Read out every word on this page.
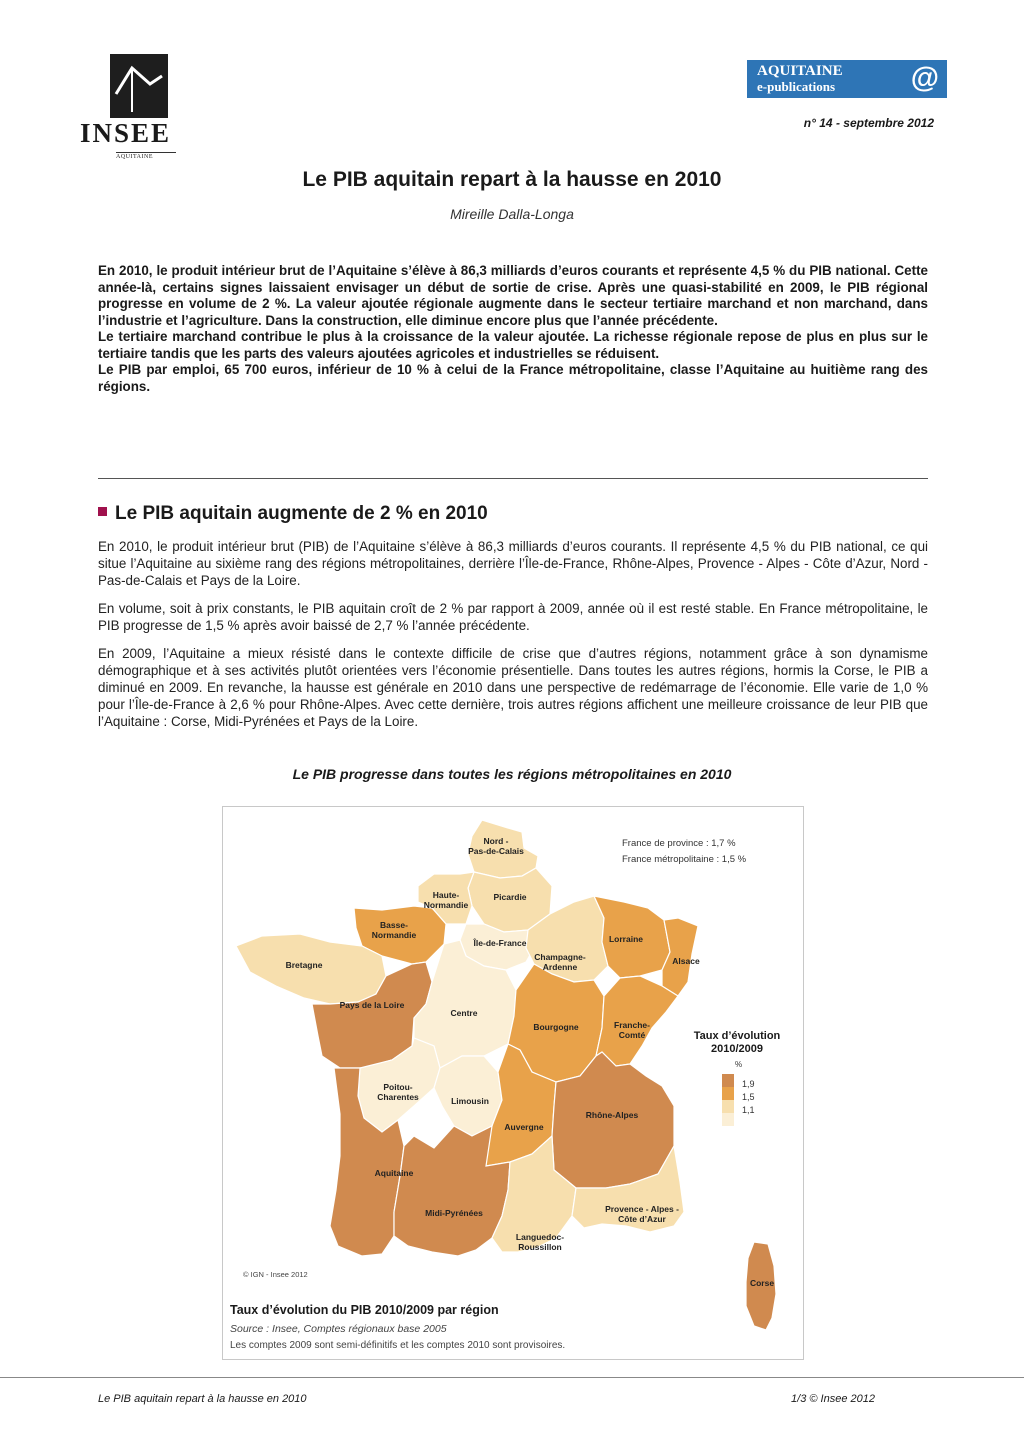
INSEE
AQUITAINE
AQUITAINE
e-publications	@
n° 14 - septembre 2012
Le PIB aquitain repart à la hausse en 2010
Mireille Dalla-Longa

En 2010, le produit intérieur brut de l’Aquitaine s’élève à 86,3 milliards d’euros courants et représente 4,5 % du PIB national. Cette année-là, certains signes laissaient envisager un début de sortie de crise. Après une quasi-stabilité en 2009, le PIB régional progresse en volume de 2 %. La valeur ajoutée régionale augmente dans le secteur tertiaire marchand et non marchand, dans l’industrie et l’agriculture. Dans la construction, elle diminue encore plus que l’année précédente.

Le tertiaire marchand contribue le plus à la croissance de la valeur ajoutée. La richesse régionale repose de plus en plus sur le tertiaire tandis que les parts des valeurs ajoutées agricoles et industrielles se réduisent.

Le PIB par emploi, 65 700 euros, inférieur de 10 % à celui de la France métropolitaine, classe l’Aquitaine au huitième rang des régions.

Le PIB aquitain augmente de 2 % en 2010

En 2010, le produit intérieur brut (PIB) de l’Aquitaine s’élève à 86,3 milliards d’euros courants. Il représente 4,5 % du PIB national, ce qui situe l’Aquitaine au sixième rang des régions métropolitaines, derrière l’Île-de-France, Rhône-Alpes, Provence - Alpes - Côte d’Azur, Nord - Pas-de-Calais et Pays de la Loire.

En volume, soit à prix constants, le PIB aquitain croît de 2 % par rapport à 2009, année où il est resté stable. En France métropolitaine, le PIB progresse de 1,5 % après avoir baissé de 2,7 % l’année précédente.

En 2009, l’Aquitaine a mieux résisté dans le contexte difficile de crise que d’autres régions, notamment grâce à son dynamisme démographique et à ses activités plutôt orientées vers l’économie présentielle. Dans toutes les autres régions, hormis la Corse, le PIB a diminué en 2009. En revanche, la hausse est générale en 2010 dans une perspective de redémarrage de l’économie. Elle varie de 1,0 % pour l’Île-de-France à 2,6 % pour Rhône-Alpes. Avec cette dernière, trois autres régions affichent une meilleure croissance de leur PIB que l’Aquitaine : Corse, Midi-Pyrénées et Pays de la Loire.

Le PIB progresse dans toutes les régions métropolitaines en 2010
Nord -
Pas-de-Calais
Picardie
Haute-
Normandie
Basse-
Normandie
Bretagne
Île-de-France
Champagne-
Ardenne
Lorraine
Alsace
Pays de la Loire
Centre
Bourgogne	Franche-
Comté
Poitou-
Charentes	Limousin
Auvergne
Rhône-Alpes
Aquitaine
Midi-Pyrénées
Languedoc-
Roussillon
Provence - Alpes -
Côte d’Azur
Corse
France de province : 1,7 %
France métropolitaine : 1,5 %
Taux d’évolution 2010/2009
%
1,9
1,5
1,1
© IGN - Insee 2012
Taux d’évolution du PIB 2010/2009 par région
Source : Insee, Comptes régionaux base 2005
Les comptes 2009 sont semi-définitifs et les comptes 2010 sont provisoires.
Le PIB aquitain repart à la hausse en 2010	1/3 © Insee 2012
